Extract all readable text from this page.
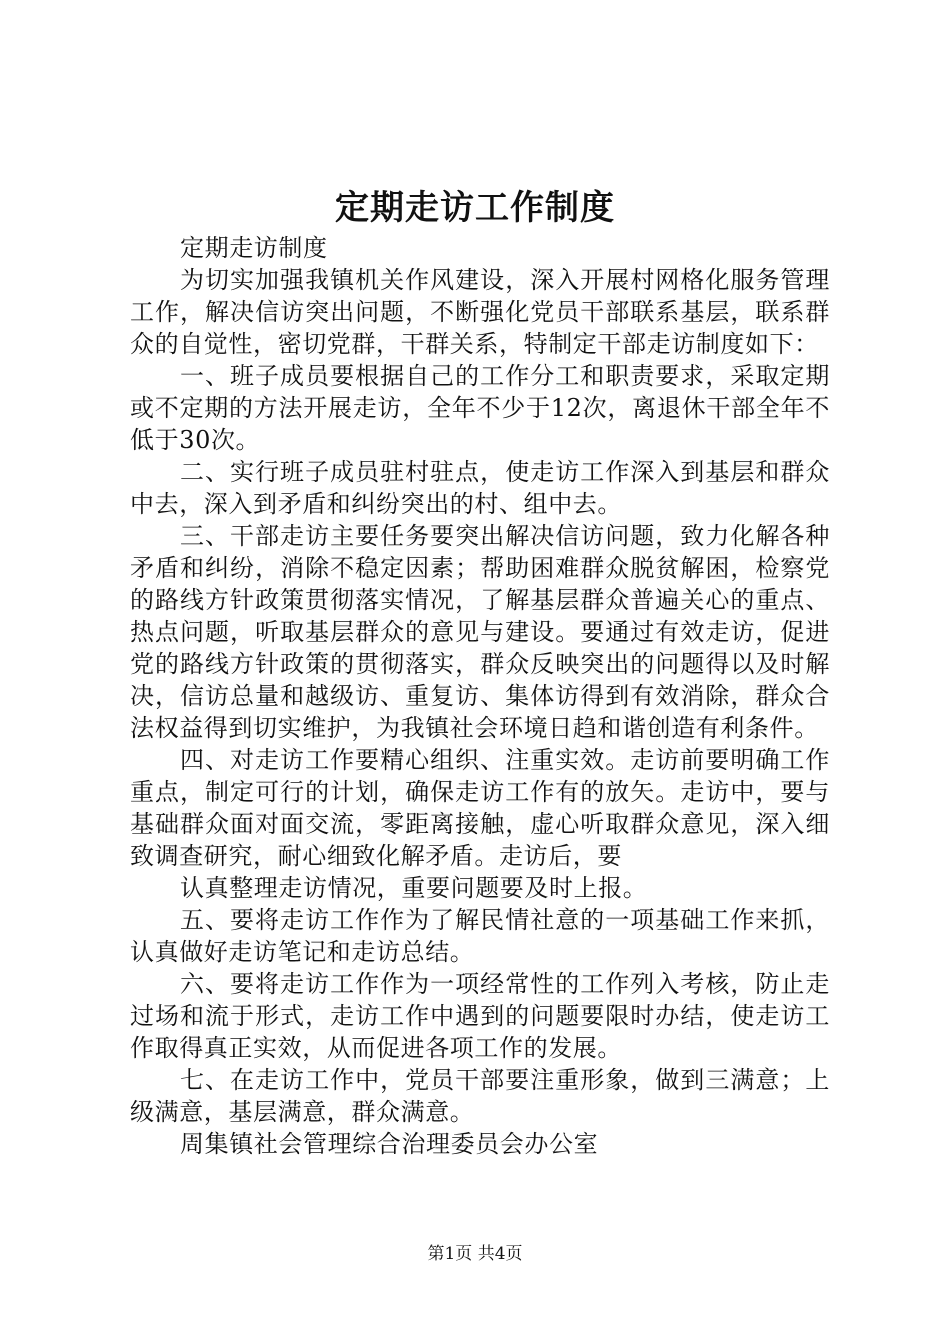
定期走访工作制度

定期走访制度

为切实加强我镇机关作风建设，深入开展村网格化服务管理工作，解决信访突出问题，不断强化党员干部联系基层，联系群众的自觉性，密切党群，干群关系，特制定干部走访制度如下：

一、班子成员要根据自己的工作分工和职责要求，采取定期或不定期的方法开展走访，全年不少于12次，离退休干部全年不低于30次。

二、实行班子成员驻村驻点，使走访工作深入到基层和群众中去，深入到矛盾和纠纷突出的村、组中去。

三、干部走访主要任务要突出解决信访问题，致力化解各种矛盾和纠纷，消除不稳定因素；帮助困难群众脱贫解困，检察党的路线方针政策贯彻落实情况，了解基层群众普遍关心的重点、热点问题，听取基层群众的意见与建设。要通过有效走访，促进党的路线方针政策的贯彻落实，群众反映突出的问题得以及时解决，信访总量和越级访、重复访、集体访得到有效消除，群众合法权益得到切实维护，为我镇社会环境日趋和谐创造有利条件。

四、对走访工作要精心组织、注重实效。走访前要明确工作重点，制定可行的计划，确保走访工作有的放矢。走访中，要与基础群众面对面交流，零距离接触，虚心听取群众意见，深入细致调查研究，耐心细致化解矛盾。走访后，要

认真整理走访情况，重要问题要及时上报。

五、要将走访工作作为了解民情社意的一项基础工作来抓，认真做好走访笔记和走访总结。

六、要将走访工作作为一项经常性的工作列入考核，防止走过场和流于形式，走访工作中遇到的问题要限时办结，使走访工作取得真正实效，从而促进各项工作的发展。

七、在走访工作中，党员干部要注重形象，做到三满意；上级满意，基层满意，群众满意。

周集镇社会管理综合治理委员会办公室

第1页 共4页
